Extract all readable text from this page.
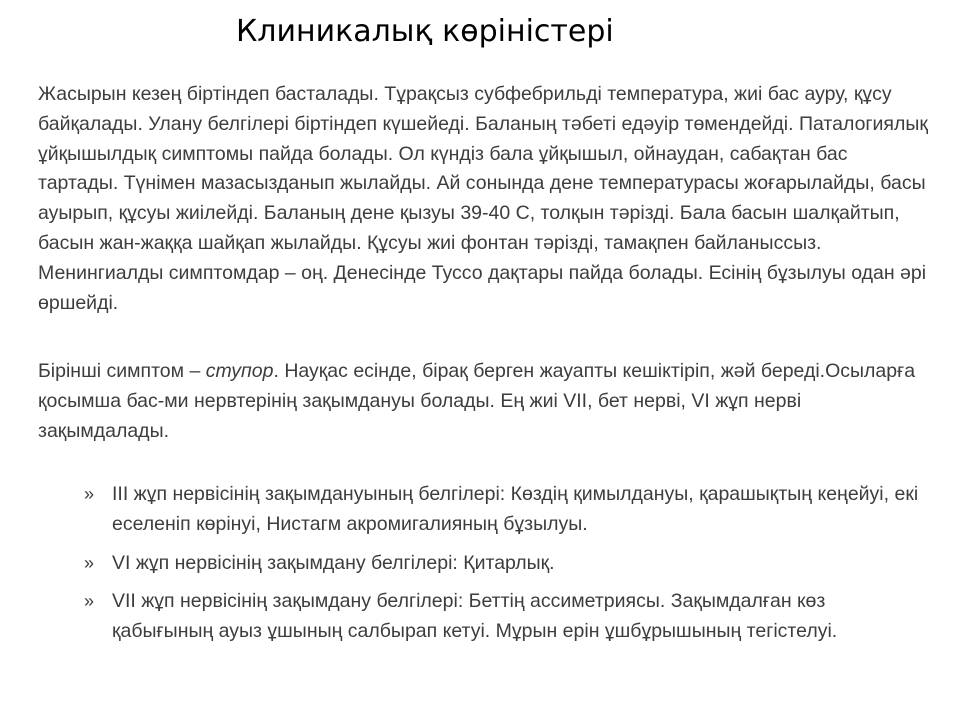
Клиникалық көріністері

Жасырын кезең біртіндеп басталады. Тұрақсыз субфебрильді температура, жиі бас ауру, құсу байқалады. Улану белгілері біртіндеп күшейеді. Баланың тәбеті едәуір төмендейді. Паталогиялық ұйқышылдық симптомы пайда болады. Ол күндіз бала ұйқышыл, ойнаудан, сабақтан бас тартады. Түнімен мазасызданып жылайды. Ай сонында дене температурасы жоғарылайды, басы ауырып, құсуы жиілейді. Баланың дене қызуы 39-40 С, толқын тәрізді. Бала басын шалқайтып, басын жан-жаққа шайқап жылайды. Құсуы жиі фонтан тәрізді, тамақпен байланыссыз. Менингиалды симптомдар – оң. Денесінде Туссо дақтары пайда болады. Есінің бұзылуы одан әрі өршейді.

Бірінші симптом – ступор. Науқас есінде, бірақ берген жауапты кешіктіріп, жәй береді.Осыларға қосымша бас-ми нервтерінің зақымдануы болады. Ең жиі VII, бет нерві, VI жұп нерві зақымдалады.

» III жұп нервісінің зақымдануының белгілері: Көздің қимылдануы, қарашықтың кеңейуі, екі еселеніп көрінуі, Нистагм акромигалияның бұзылуы.
» VI жұп нервісінің зақымдану белгілері: Қитарлық.
» VII жұп нервісінің зақымдану белгілері: Беттің ассиметриясы. Зақымдалған көз қабығының ауыз ұшының салбырап кетуі. Мұрын ерін ұшбұрышының тегістелуі.
